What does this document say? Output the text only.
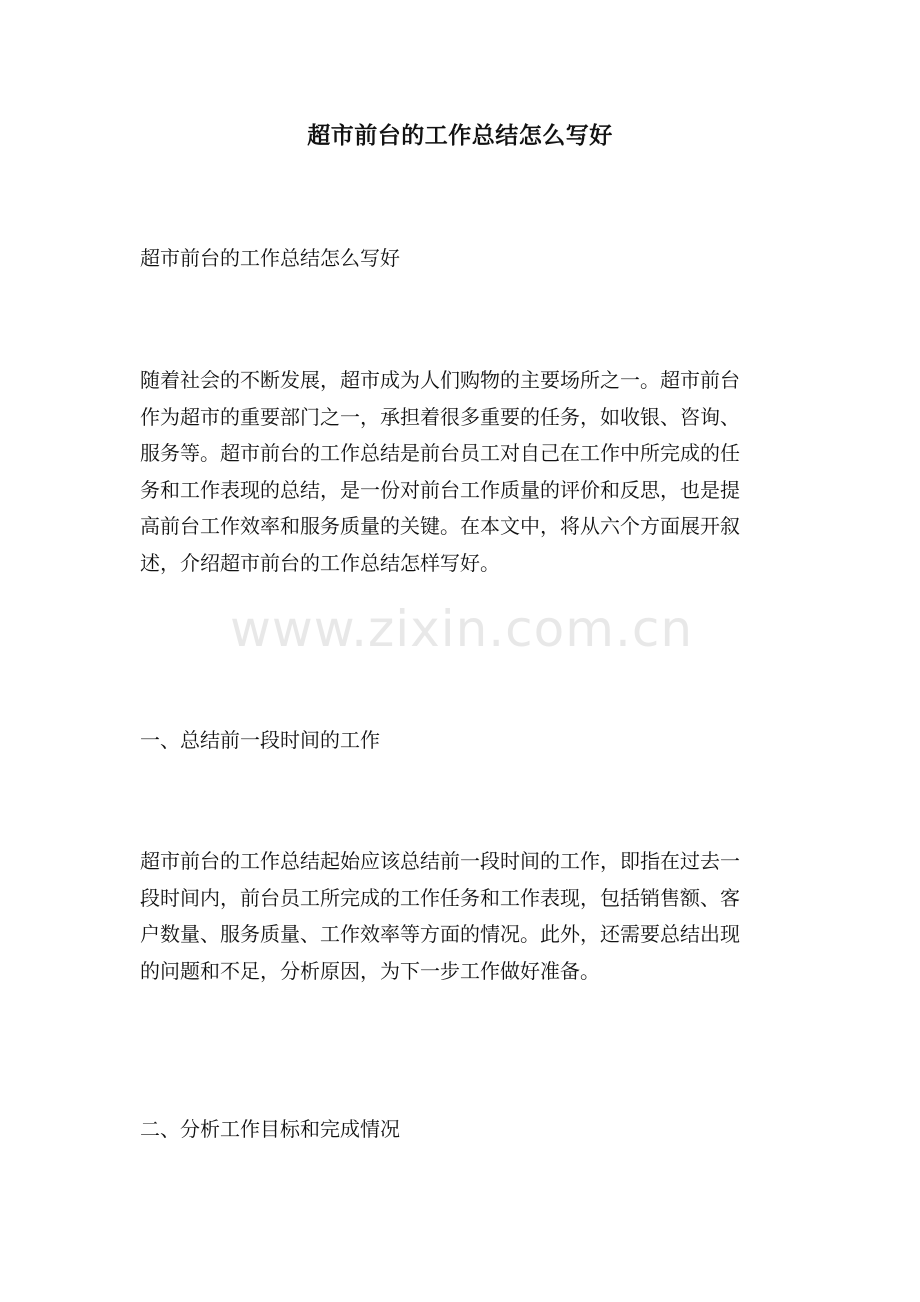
超市前台的工作总结怎么写好
超市前台的工作总结怎么写好
随着社会的不断发展，超市成为人们购物的主要场所之一。超市前台
作为超市的重要部门之一，承担着很多重要的任务，如收银、咨询、
服务等。超市前台的工作总结是前台员工对自己在工作中所完成的任
务和工作表现的总结，是一份对前台工作质量的评价和反思，也是提
高前台工作效率和服务质量的关键。在本文中，将从六个方面展开叙
述，介绍超市前台的工作总结怎样写好。
一、总结前一段时间的工作
超市前台的工作总结起始应该总结前一段时间的工作，即指在过去一
段时间内，前台员工所完成的工作任务和工作表现，包括销售额、客
户数量、服务质量、工作效率等方面的情况。此外，还需要总结出现
的问题和不足，分析原因，为下一步工作做好准备。
二、分析工作目标和完成情况
www.zixin.com.cn
